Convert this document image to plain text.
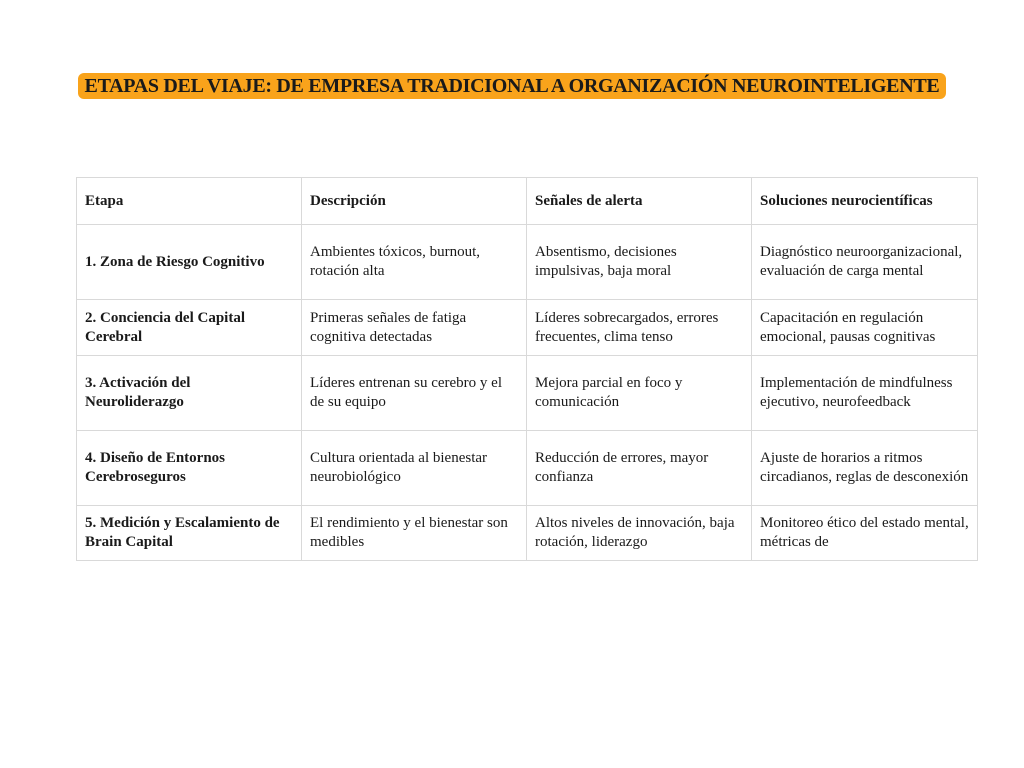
ETAPAS DEL VIAJE: DE EMPRESA TRADICIONAL A ORGANIZACIÓN NEUROINTELIGENTE
Etapa	Descripción	Señales de alerta	Soluciones neurocientíficas
1. Zona de Riesgo Cognitivo	Ambientes tóxicos, burnout, rotación alta	Absentismo, decisiones impulsivas, baja moral	Diagnóstico neuroorganizacional, evaluación de carga mental
2. Conciencia del Capital Cerebral	Primeras señales de fatiga cognitiva detectadas	Líderes sobrecargados, errores frecuentes, clima tenso	Capacitación en regulación emocional, pausas cognitivas
3. Activación del Neuroliderazgo	Líderes entrenan su cerebro y el de su equipo	Mejora parcial en foco y comunicación	Implementación de mindfulness ejecutivo, neurofeedback
4. Diseño de Entornos Cerebroseguros	Cultura orientada al bienestar neurobiológico	Reducción de errores, mayor confianza	Ajuste de horarios a ritmos circadianos, reglas de desconexión

5. Medición y Escalamiento de Brain Capital	El rendimiento y el bienestar son medibles	Altos niveles de innovación, baja rotación, liderazgo	Monitoreo ético del estado mental, métricas de
